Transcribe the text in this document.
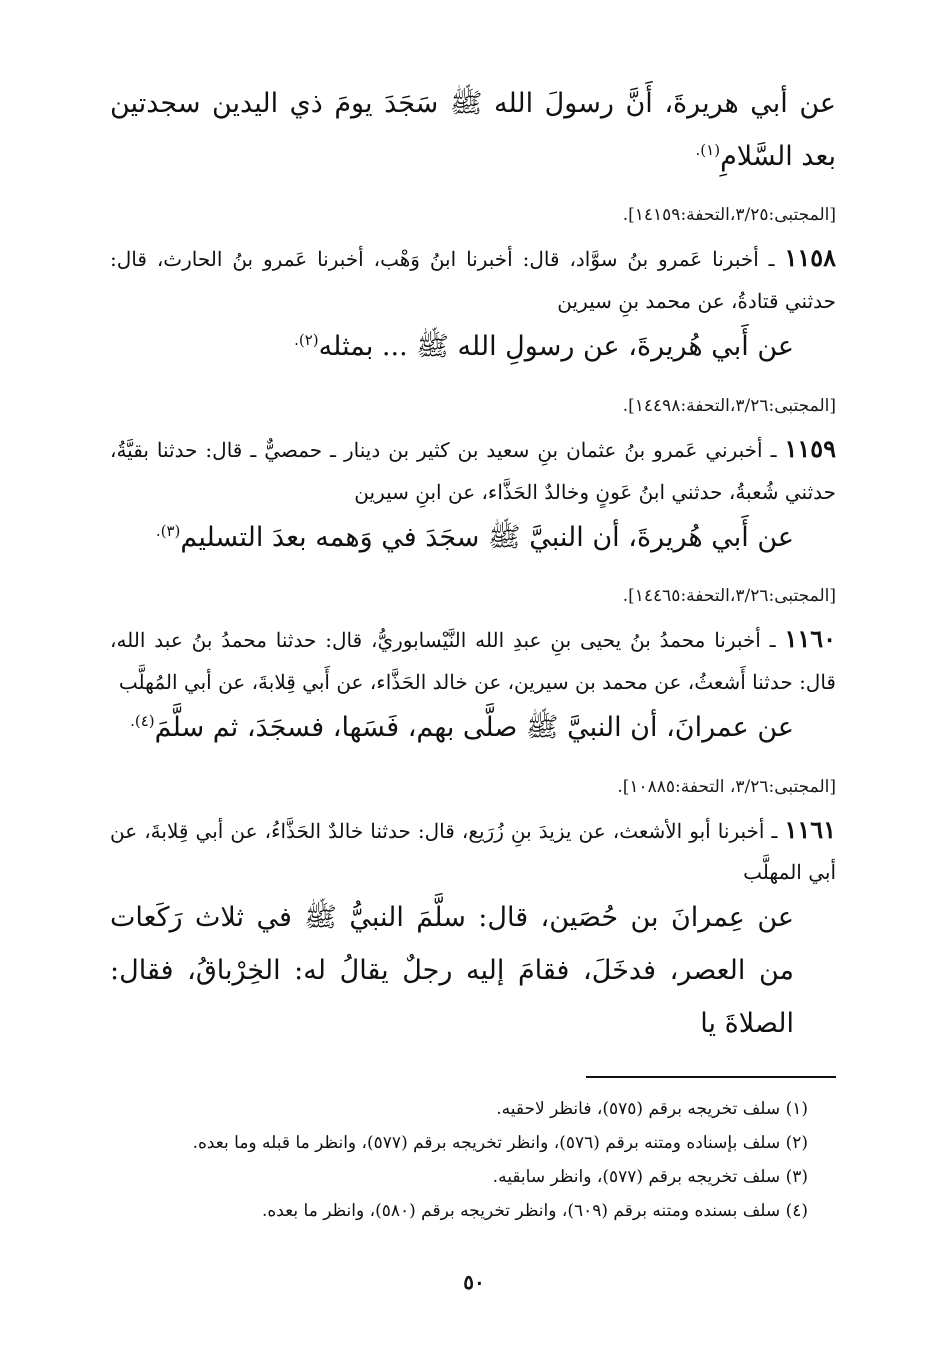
عن أبي هريرةَ، أَنَّ رسولَ الله ﷺ سَجَدَ يومَ ذي اليدين سجدتين بعد السَّلامِ$^{(١).}$
[المجتبى:٣/٢٥،التحفة:١٤١٥٩].
١١٥٨ ـ أخبرنا عَمرو بنُ سوَّاد، قال: أخبرنا ابنُ وَهْب، أخبرنا عَمرو بنُ الحارث، قال: حدثني قتادةُ، عن محمد بنِ سيرين
عن أَبي هُريرةَ، عن رسولِ الله ﷺ ... بمثله$^{(٢).}$
[المجتبى:٣/٢٦،التحفة:١٤٤٩٨].
١١٥٩ ـ أخبرني عَمرو بنُ عثمان بنِ سعيد بن كثير بن دينار ـ حمصيٌّ ـ قال: حدثنا بقيَّةُ، حدثني شُعبةُ، حدثني ابنُ عَونٍ وخالدٌ الحَذَّاء، عن ابنِ سيرين
عن أَبي هُريرةَ، أن النبيَّ ﷺ سجَدَ في وَهمه بعدَ التسليم$^{(٣).}$
[المجتبى:٣/٢٦،التحفة:١٤٤٦٥].
١١٦٠ ـ أخبرنا محمدُ بنُ يحيى بنِ عبدِ الله النَّيْسابوريُّ، قال: حدثنا محمدُ بنُ عبد الله، قال: حدثنا أَشعثُ، عن محمد بن سيرين، عن خالد الحَذَّاء، عن أَبي قِلابةَ، عن أبي المُهلَّب
عن عمرانَ، أن النبيَّ ﷺ صلَّى بهم، فَسَها، فسجَدَ، ثم سلَّمَ$^{(٤).}$
[المجتبى:٣/٢٦، التحفة:١٠٨٨٥].
١١٦١ ـ أخبرنا أبو الأشعث، عن يزيدَ بنِ زُرَيع، قال: حدثنا خالدٌ الحَذَّاءُ، عن أبي قِلابةَ، عن أبي المهلَّب
عن عِمرانَ بن حُصَين، قال: سلَّمَ النبيُّ ﷺ في ثلاث رَكَعات من العصر، فدخَلَ، فقامَ إليه رجلٌ يقالُ له: الخِرْباقُ، فقال: الصلاةَ يا
(١) سلف تخريجه برقم (٥٧٥)، فانظر لاحقيه.
(٢) سلف بإسناده ومتنه برقم (٥٧٦)، وانظر تخريجه برقم (٥٧٧)، وانظر ما قبله وما بعده.
(٣) سلف تخريجه برقم (٥٧٧)، وانظر سابقيه.
(٤) سلف بسنده ومتنه برقم (٦٠٩)، وانظر تخريجه برقم (٥٨٠)، وانظر ما بعده.
٥٠
